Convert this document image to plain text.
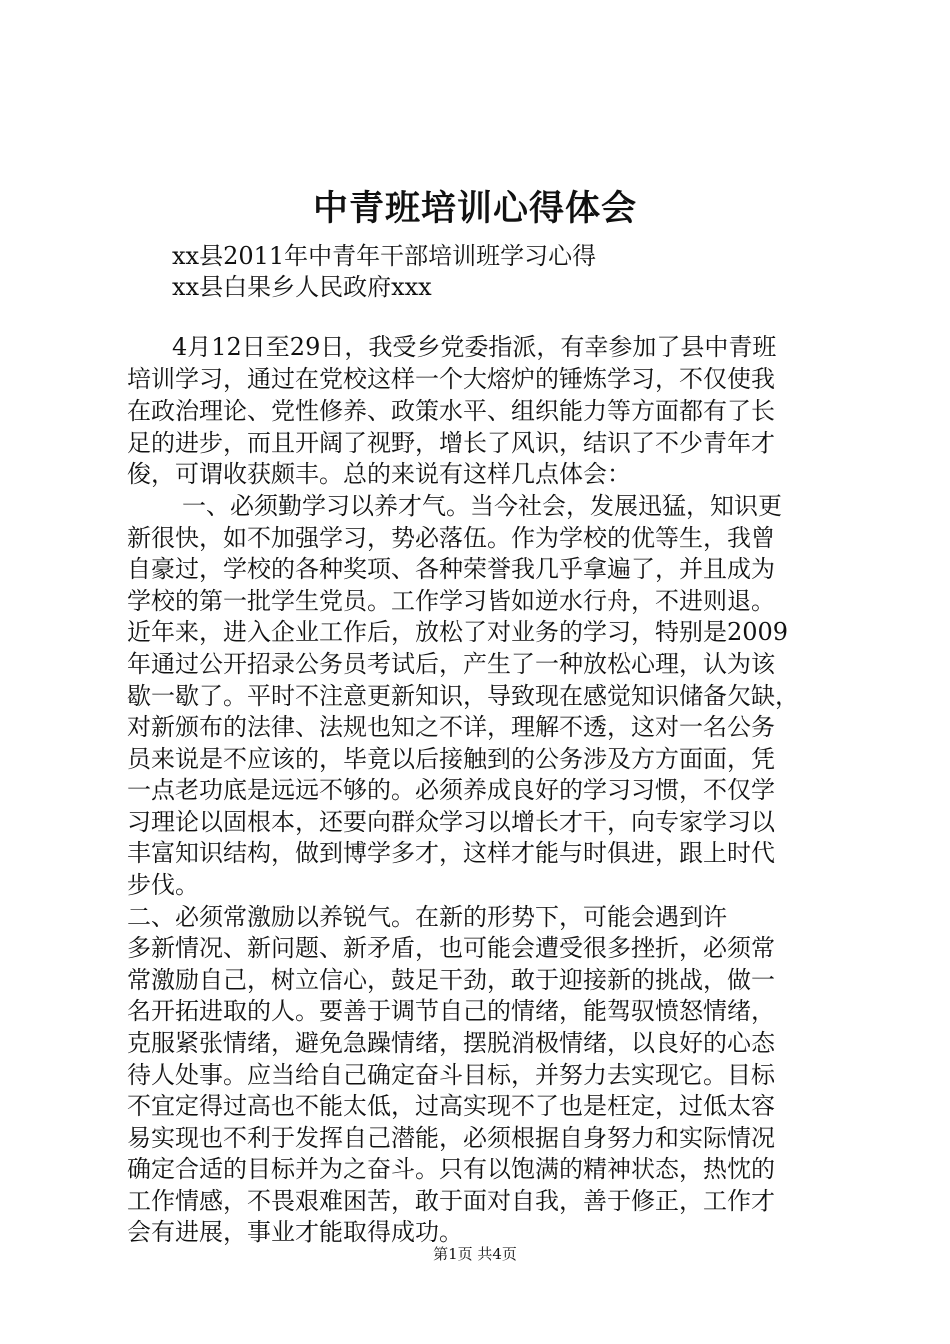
中青班培训心得体会
xx县2011年中青年干部培训班学习心得
xx县白果乡人民政府xxx
4月12日至29日，我受乡党委指派，有幸参加了县中青班
培训学习，通过在党校这样一个大熔炉的锤炼学习，不仅使我
在政治理论、党性修养、政策水平、组织能力等方面都有了长
足的进步，而且开阔了视野，增长了风识，结识了不少青年才
俊，可谓收获颇丰。总的来说有这样几点体会：
一、必须勤学习以养才气。当今社会，发展迅猛，知识更
新很快，如不加强学习，势必落伍。作为学校的优等生，我曾
自豪过，学校的各种奖项、各种荣誉我几乎拿遍了，并且成为
学校的第一批学生党员。工作学习皆如逆水行舟，不进则退。
近年来，进入企业工作后，放松了对业务的学习，特别是2009
年通过公开招录公务员考试后，产生了一种放松心理，认为该
歇一歇了。平时不注意更新知识，导致现在感觉知识储备欠缺，
对新颁布的法律、法规也知之不详，理解不透，这对一名公务
员来说是不应该的，毕竟以后接触到的公务涉及方方面面，凭
一点老功底是远远不够的。必须养成良好的学习习惯，不仅学
习理论以固根本，还要向群众学习以增长才干，向专家学习以
丰富知识结构，做到博学多才，这样才能与时俱进，跟上时代
步伐。
二、必须常激励以养锐气。在新的形势下，可能会遇到许
多新情况、新问题、新矛盾，也可能会遭受很多挫折，必须常
常激励自己，树立信心，鼓足干劲，敢于迎接新的挑战，做一
名开拓进取的人。要善于调节自己的情绪，能驾驭愤怒情绪，
克服紧张情绪，避免急躁情绪，摆脱消极情绪，以良好的心态
待人处事。应当给自己确定奋斗目标，并努力去实现它。目标
不宜定得过高也不能太低，过高实现不了也是枉定，过低太容
易实现也不利于发挥自己潜能，必须根据自身努力和实际情况
确定合适的目标并为之奋斗。只有以饱满的精神状态，热忱的
工作情感，不畏艰难困苦，敢于面对自我，善于修正，工作才
会有进展，事业才能取得成功。
第1页 共4页
